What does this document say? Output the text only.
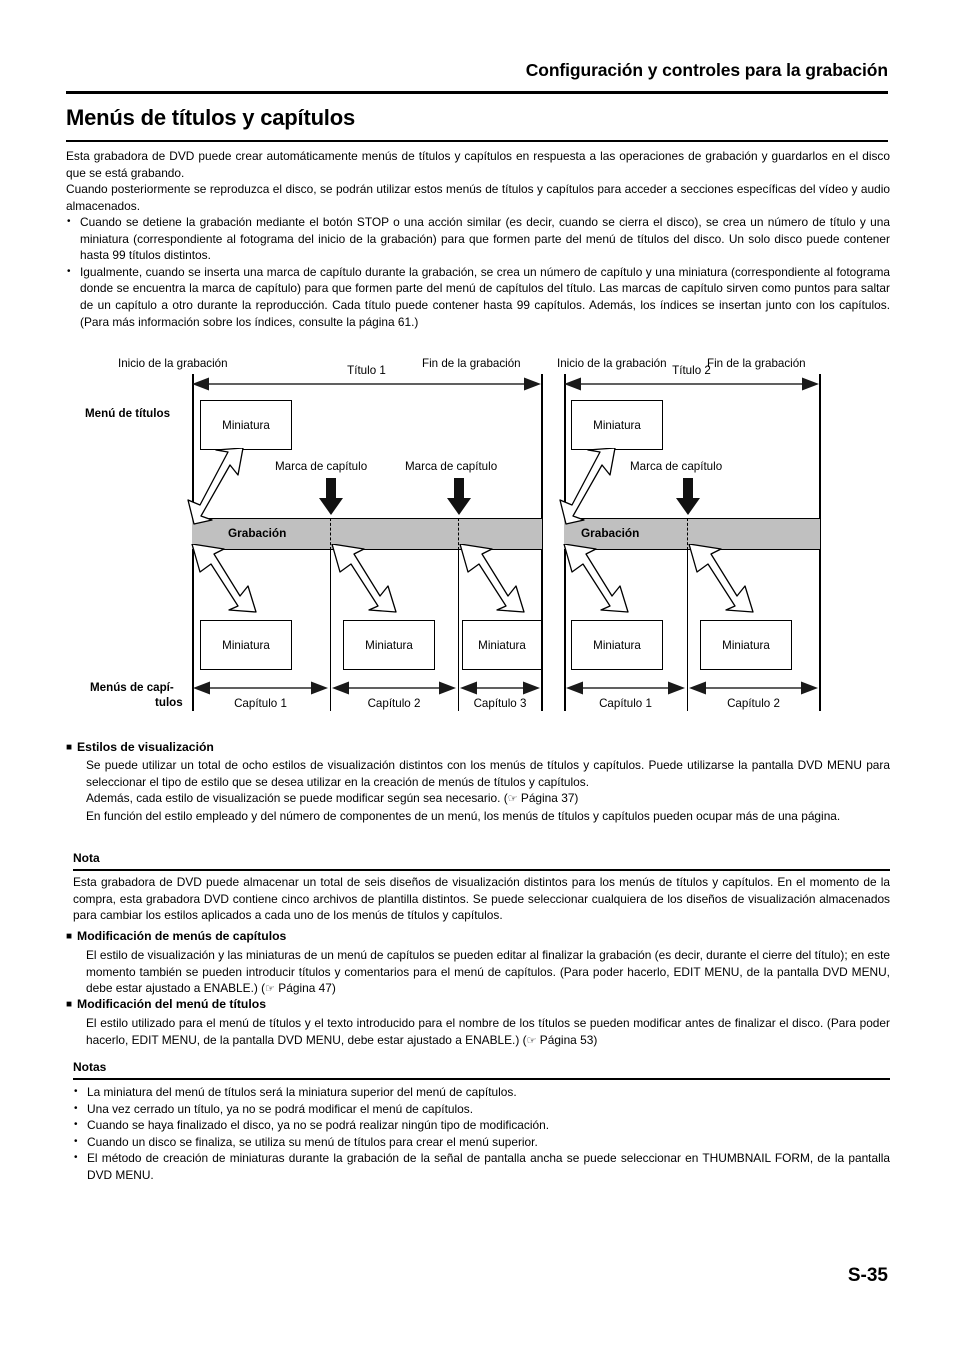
Configuración y controles para la grabación
Menús de títulos y capítulos

Esta grabadora de DVD puede crear automáticamente menús de títulos y capítulos en respuesta a las operaciones de grabación y guardarlos en el disco que se está grabando.

Cuando posteriormente se reproduzca el disco, se podrán utilizar estos menús de títulos y capítulos para acceder a secciones específicas del vídeo y audio almacenados.

• Cuando se detiene la grabación mediante el botón STOP o una acción similar (es decir, cuando se cierra el disco), se crea un número de título y una miniatura (correspondiente al fotograma del inicio de la grabación) para que formen parte del menú de títulos del disco. Un solo disco puede contener hasta 99 títulos distintos.

• Igualmente, cuando se inserta una marca de capítulo durante la grabación, se crea un número de capítulo y una miniatura (correspondiente al fotograma donde se encuentra la marca de capítulo) para que formen parte del menú de capítulos del título. Las marcas de capítulo sirven como puntos para saltar de un capítulo a otro durante la reproducción. Cada título puede contener hasta 99 capítulos. Además, los índices se insertan junto con los capítulos. (Para más información sobre los índices, consulte la página 61.)

Menú de títulos
Menús de capí-
tulos
Inicio de la grabación	Fin de la grabación	Inicio de la grabación	Fin de la grabación
Título 1	Título 2
Miniatura	Miniatura
Marca de capítulo	Marca de capítulo	Marca de capítulo
Grabación	Grabación
Miniatura	Miniatura	Miniatura	Miniatura	Miniatura
Capítulo 1	Capítulo 2	Capítulo 3	Capítulo 1	Capítulo 2
■ Estilos de visualización
Se puede utilizar un total de ocho estilos de visualización distintos con los menús de títulos y capítulos. Puede utilizarse la pantalla DVD MENU para seleccionar el tipo de estilo que se desea utilizar en la creación de menús de títulos y capítulos.
Además, cada estilo de visualización se puede modificar según sea necesario. (☞ Página 37)
En función del estilo empleado y del número de componentes de un menú, los menús de títulos y capítulos pueden ocupar más de una página.
Nota
Esta grabadora de DVD puede almacenar un total de seis diseños de visualización distintos para los menús de títulos y capítulos. En el momento de la compra, esta grabadora DVD contiene cinco archivos de plantilla distintos. Se puede seleccionar cualquiera de los diseños de visualización almacenados para cambiar los estilos aplicados a cada uno de los menús de títulos y capítulos.
■ Modificación de menús de capítulos
El estilo de visualización y las miniaturas de un menú de capítulos se pueden editar al finalizar la grabación (es decir, durante el cierre del título); en este momento también se pueden introducir títulos y comentarios para el menú de capítulos. (Para poder hacerlo, EDIT MENU, de la pantalla DVD MENU, debe estar ajustado a ENABLE.) (☞ Página 47)
■ Modificación del menú de títulos
El estilo utilizado para el menú de títulos y el texto introducido para el nombre de los títulos se pueden modificar antes de finalizar el disco. (Para poder hacerlo, EDIT MENU, de la pantalla DVD MENU, debe estar ajustado a ENABLE.) (☞ Página 53)
Notas

• La miniatura del menú de títulos será la miniatura superior del menú de capítulos.

• Una vez cerrado un título, ya no se podrá modificar el menú de capítulos.

• Cuando se haya finalizado el disco, ya no se podrá realizar ningún tipo de modificación.

• Cuando un disco se finaliza, se utiliza su menú de títulos para crear el menú superior.

• El método de creación de miniaturas durante la grabación de la señal de pantalla ancha se puede seleccionar en THUMBNAIL FORM, de la pantalla DVD MENU.

S-35
